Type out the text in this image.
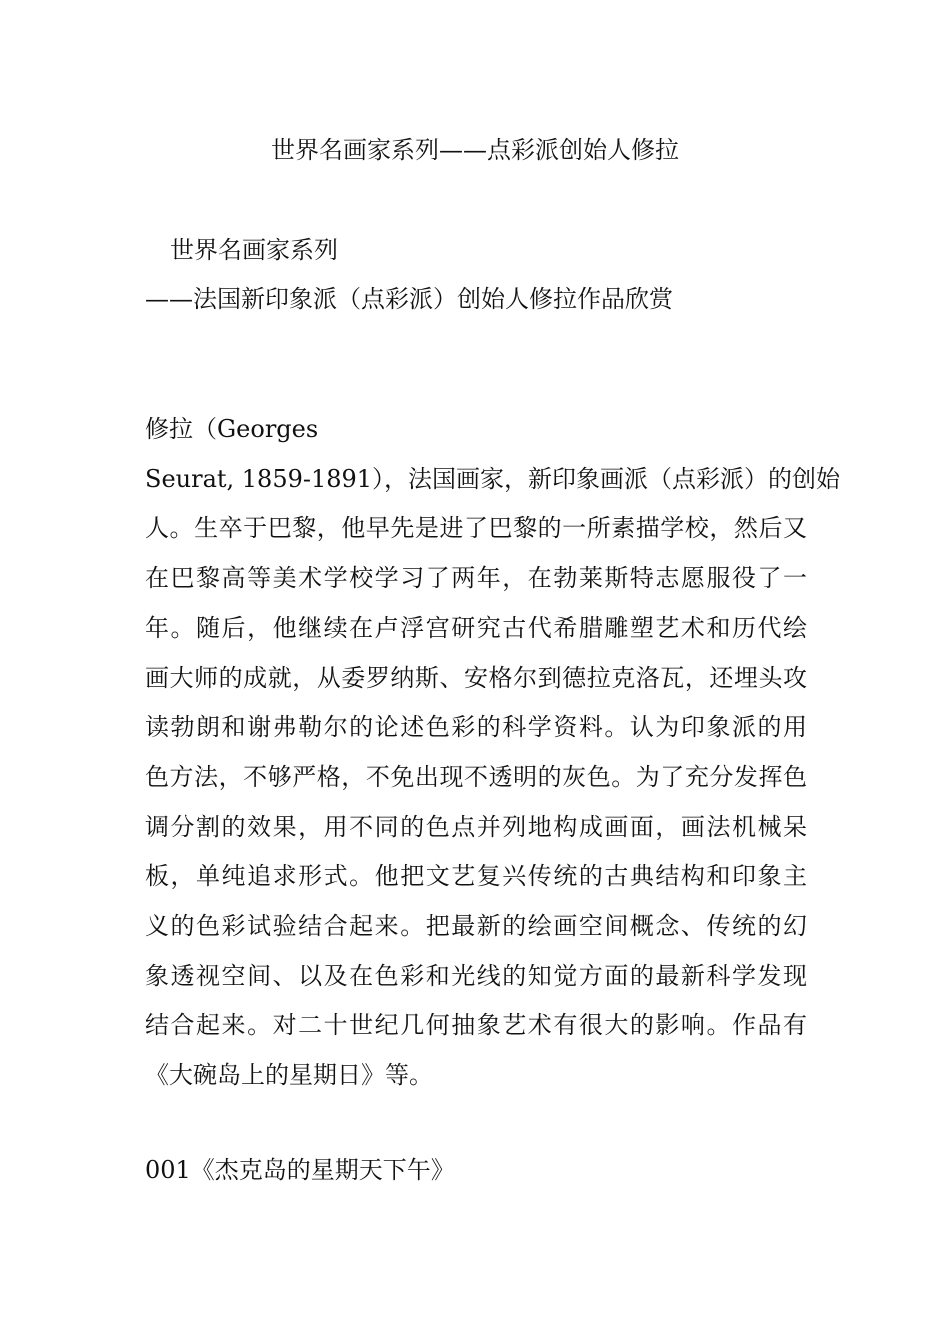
世界名画家系列——点彩派创始人修拉
世界名画家系列
——法国新印象派（点彩派）创始人修拉作品欣赏
修拉（Georges
Seurat, 1859-1891），法国画家，新印象画派（点彩派）的创始
人。生卒于巴黎，他早先是进了巴黎的一所素描学校，然后又
在巴黎高等美术学校学习了两年，在勃莱斯特志愿服役了一
年。随后，他继续在卢浮宫研究古代希腊雕塑艺术和历代绘
画大师的成就，从委罗纳斯、安格尔到德拉克洛瓦，还埋头攻
读勃朗和谢弗勒尔的论述色彩的科学资料。认为印象派的用
色方法，不够严格，不免出现不透明的灰色。为了充分发挥色
调分割的效果，用不同的色点并列地构成画面，画法机械呆
板，单纯追求形式。他把文艺复兴传统的古典结构和印象主
义的色彩试验结合起来。把最新的绘画空间概念、传统的幻
象透视空间、以及在色彩和光线的知觉方面的最新科学发现
结合起来。对二十世纪几何抽象艺术有很大的影响。作品有
《大碗岛上的星期日》等。
001《杰克岛的星期天下午》
